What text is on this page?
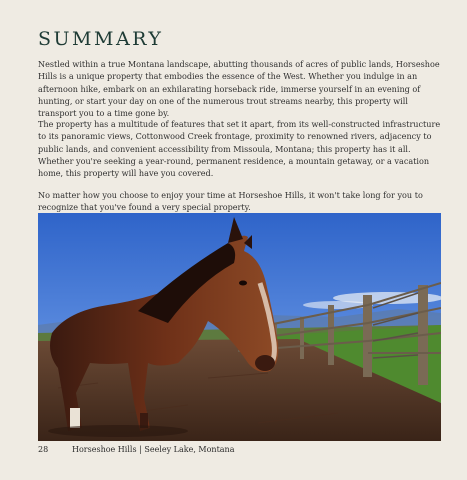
SUMMARY

Nestled within a true Montana landscape, abutting thousands of acres of public lands, Horseshoe Hills is a unique property that embodies the essence of the West. Whether you indulge in an afternoon hike, embark on an exhilarating horseback ride, immerse yourself in an evening of hunting, or start your day on one of the numerous trout streams nearby, this property will transport you to a time gone by.

The property has a multitude of features that set it apart, from its well-constructed infrastructure to its panoramic views, Cottonwood Creek frontage, proximity to renowned rivers, adjacency to public lands, and convenient accessibility from Missoula, Montana; this property has it all. Whether you're seeking a year-round, permanent residence, a mountain getaway, or a vacation home, this property will have you covered.

No matter how you choose to enjoy your time at Horseshoe Hills, it won't take long for you to recognize that you've found a very special property.

28	Horseshoe Hills | Seeley Lake, Montana
